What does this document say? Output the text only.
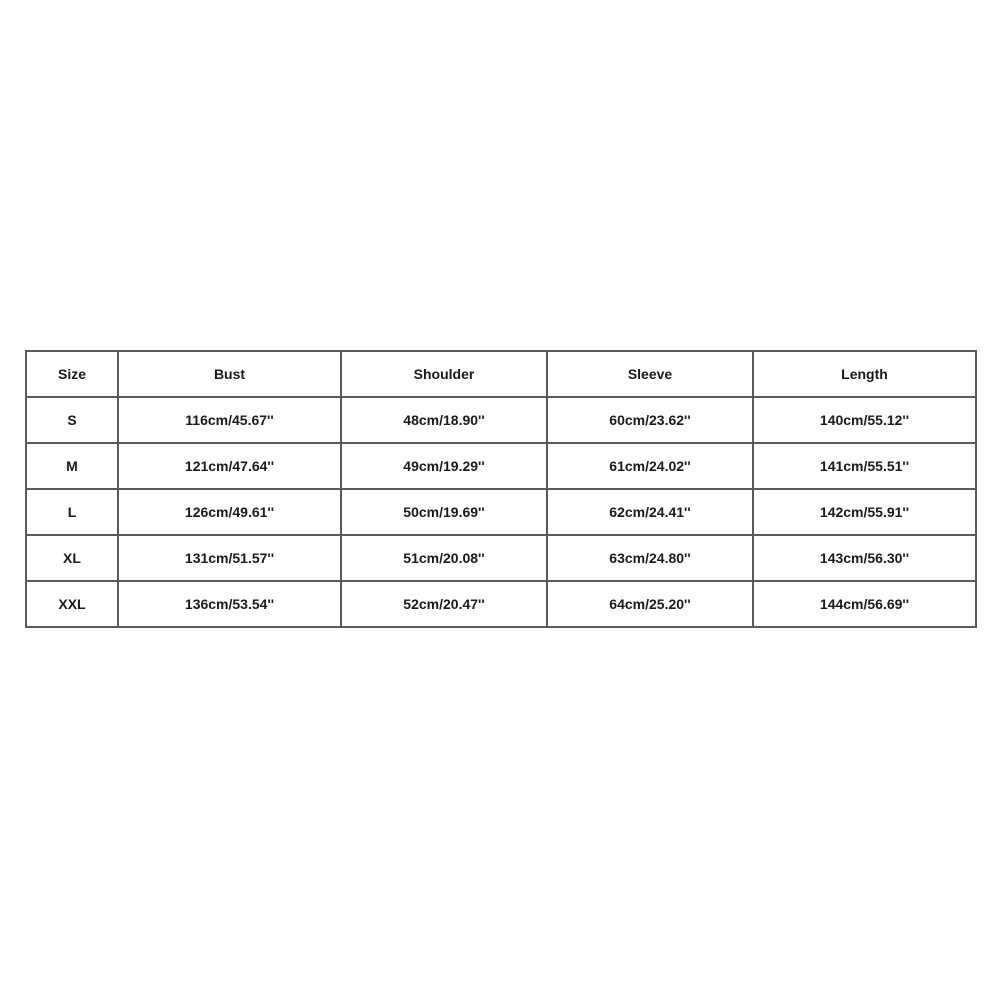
Size	Bust	Shoulder	Sleeve	Length
S	116cm/45.67''	48cm/18.90''	60cm/23.62''	140cm/55.12''
M	121cm/47.64''	49cm/19.29''	61cm/24.02''	141cm/55.51''
L	126cm/49.61''	50cm/19.69''	62cm/24.41''	142cm/55.91''
XL	131cm/51.57''	51cm/20.08''	63cm/24.80''	143cm/56.30''
XXL	136cm/53.54''	52cm/20.47''	64cm/25.20''	144cm/56.69''
